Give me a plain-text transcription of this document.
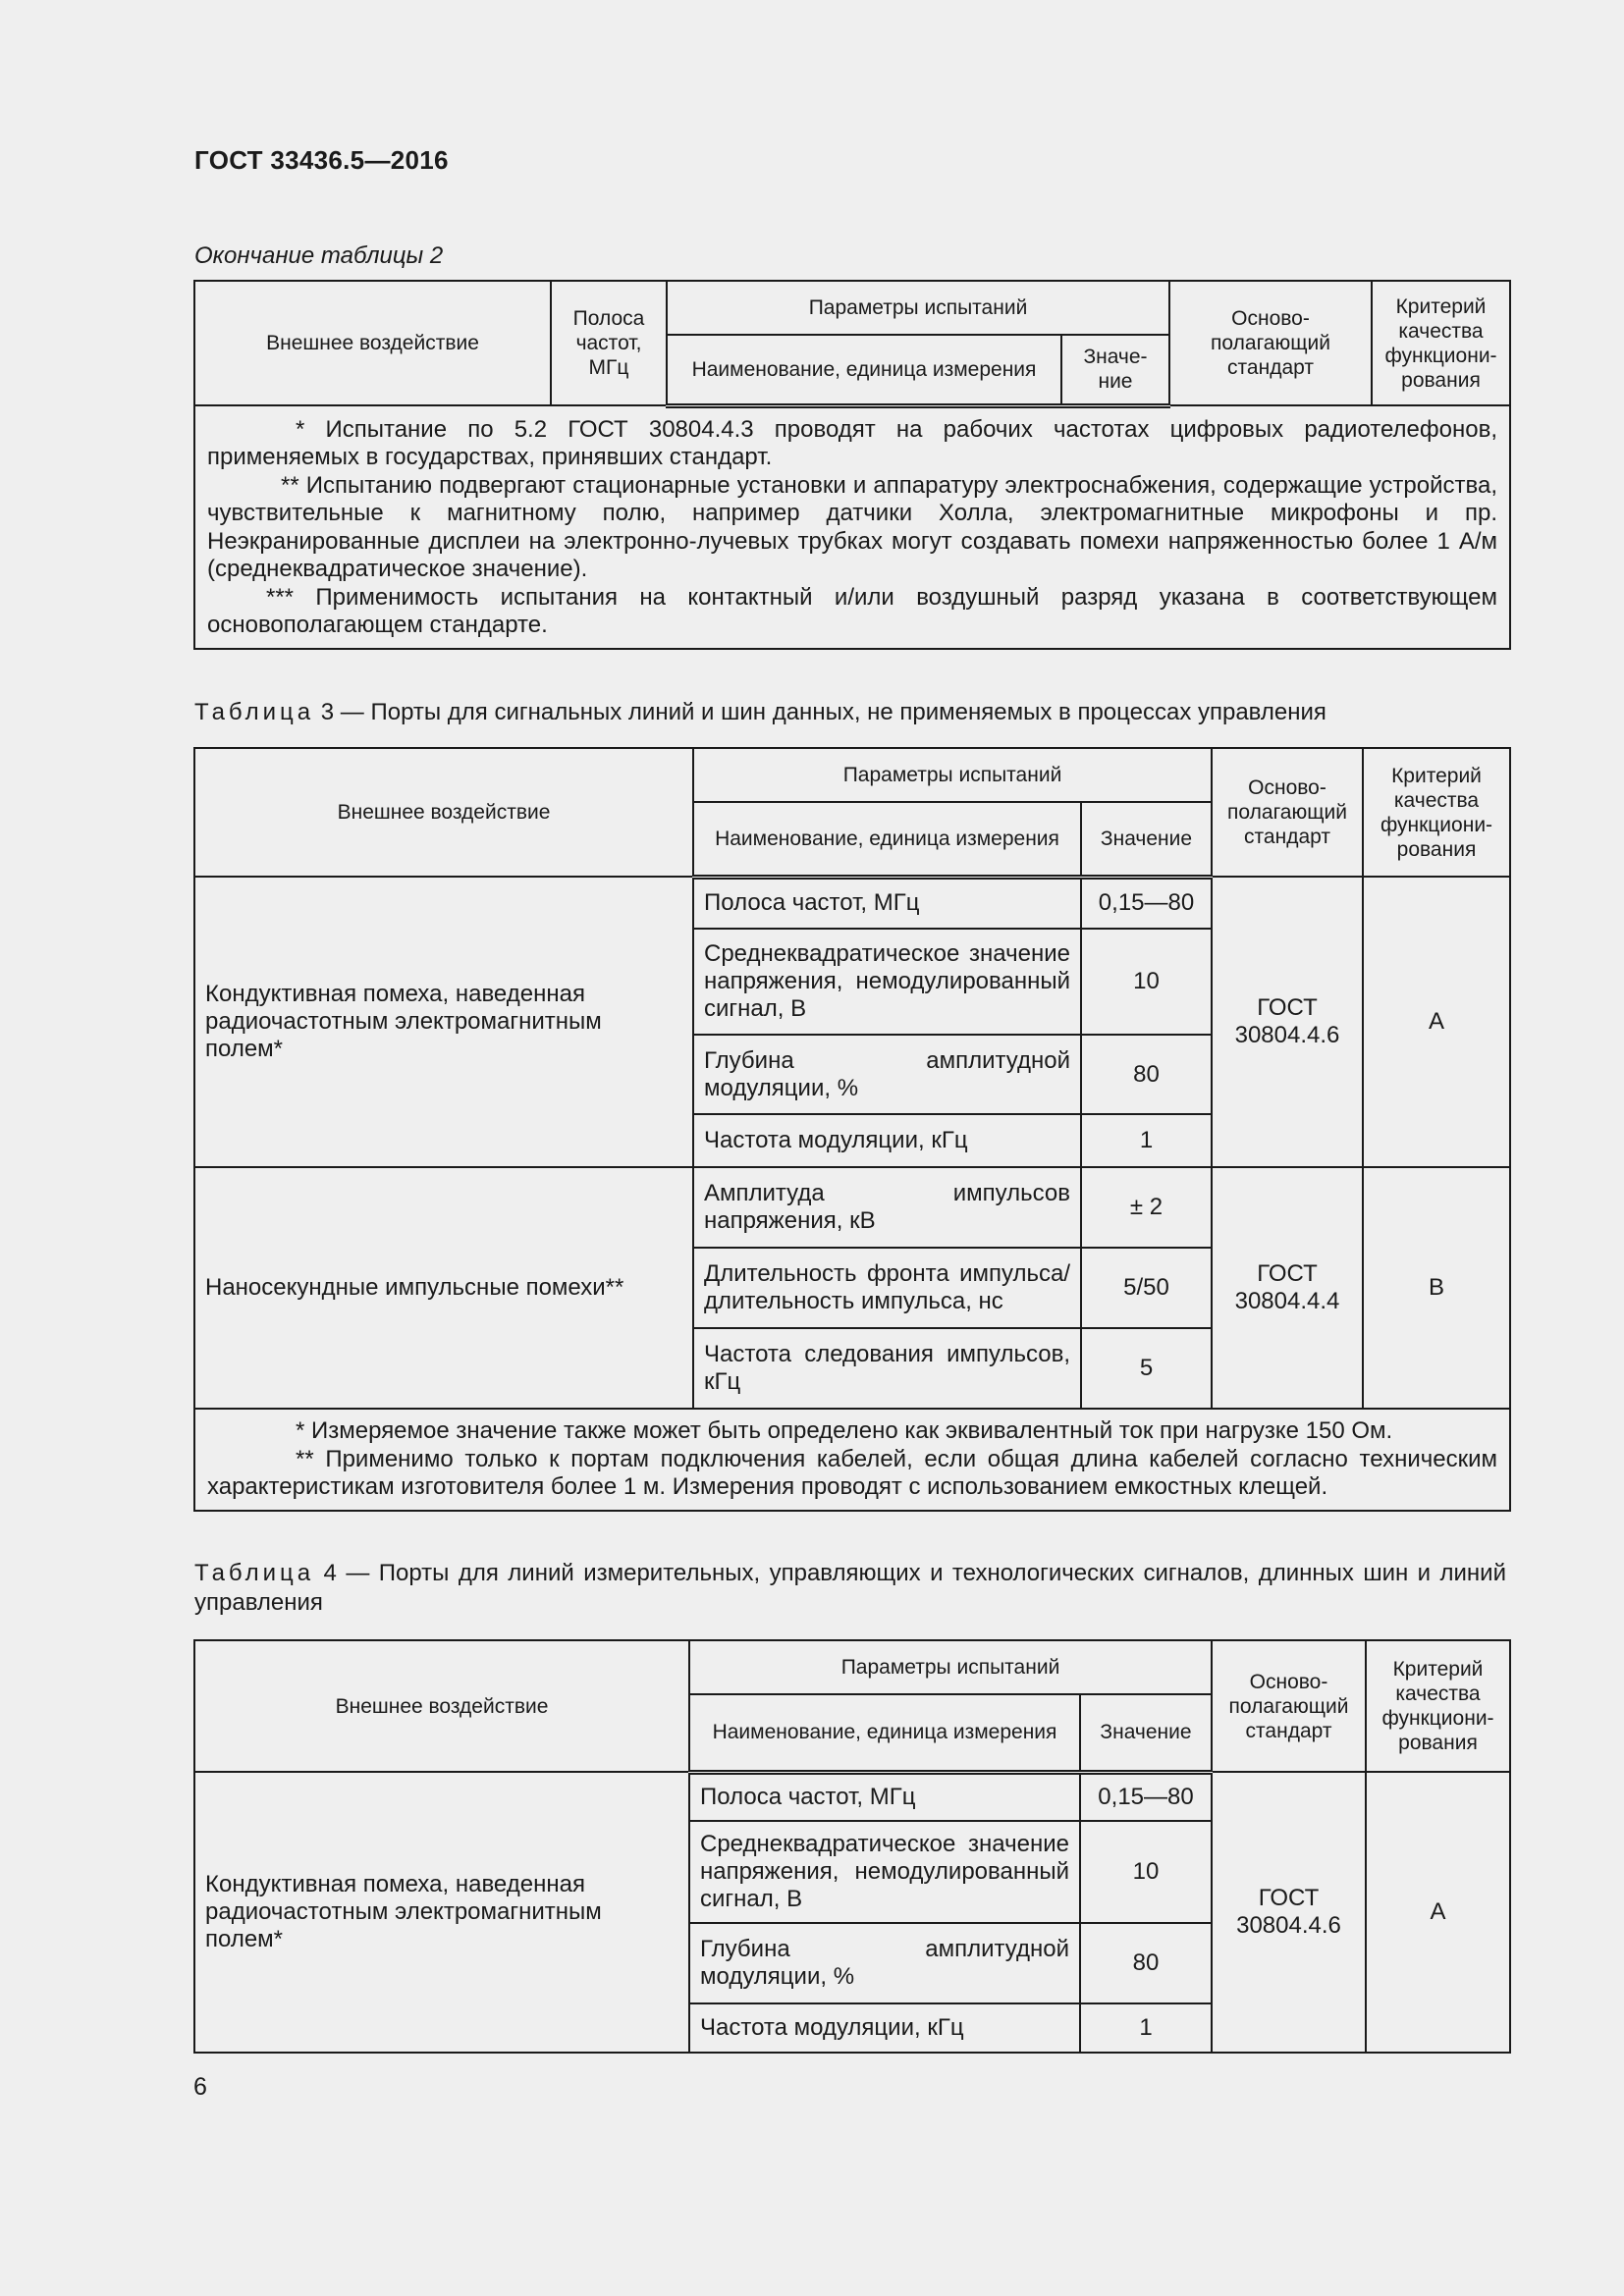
ГОСТ 33436.5—2016
Окончание таблицы 2
Внешнее воздействие	Полоса частот, МГц	Параметры испытаний		Осново-полагающий стандарт	Критерий качества функциони-рования
		Наименование, единица измерения	Значе-ние		

* Испытание по 5.2 ГОСТ 30804.4.3 проводят на рабочих частотах цифровых радиотелефонов, применяемых в государствах, принявших стандарт.

** Испытанию подвергают стационарные установки и аппаратуру электроснабжения, содержащие устройства, чувствительные к магнитному полю, например датчики Холла, электромагнитные микрофоны и пр. Неэкранированные дисплеи на электронно-лучевых трубках могут создавать помехи напряженностью более 1 А/м (среднеквадратическое значение).

*** Применимость испытания на контактный и/или воздушный разряд указана в соответствующем основополагающем стандарте.					

Таблица 3 — Порты для сигнальных линий и шин данных, не применяемых в процессах управления
Внешнее воздействие	Параметры испытаний		Осново-полагающий стандарт	Критерий качества функциони-рования
	Наименование, единица измерения	Значение		
Кондуктивная помеха, наведенная радиочастотным электромагнитным полем*	Полоса частот, МГц	0,15—80	ГОСТ 30804.4.6	А
	Среднеквадратическое значение напряжения, немодулированный сигнал, В	10		
	Глубина амплитудной модуляции, %	80		
	Частота модуляции, кГц	1		
Наносекундные импульсные помехи**	Амплитуда импульсов напряжения, кВ	± 2	ГОСТ 30804.4.4	В
	Длительность фронта импульса/длительность импульса, нс	5/50		
	Частота следования импульсов, кГц	5		

* Измеряемое значение также может быть определено как эквивалентный ток при нагрузке 150 Ом.

** Применимо только к портам подключения кабелей, если общая длина кабелей согласно техническим характеристикам изготовителя более 1 м. Измерения проводят с использованием емкостных клещей.				

Таблица 4 — Порты для линий измерительных, управляющих и технологических сигналов, длинных шин и линий управления
Внешнее воздействие	Параметры испытаний		Осново-полагающий стандарт	Критерий качества функциони-рования
	Наименование, единица измерения	Значение		
Кондуктивная помеха, наведенная радиочастотным электромагнитным полем*	Полоса частот, МГц	0,15—80	ГОСТ 30804.4.6	А
	Среднеквадратическое значение напряжения, немодулированный сигнал, В	10		
	Глубина амплитудной модуляции, %	80		
	Частота модуляции, кГц	1		
6
